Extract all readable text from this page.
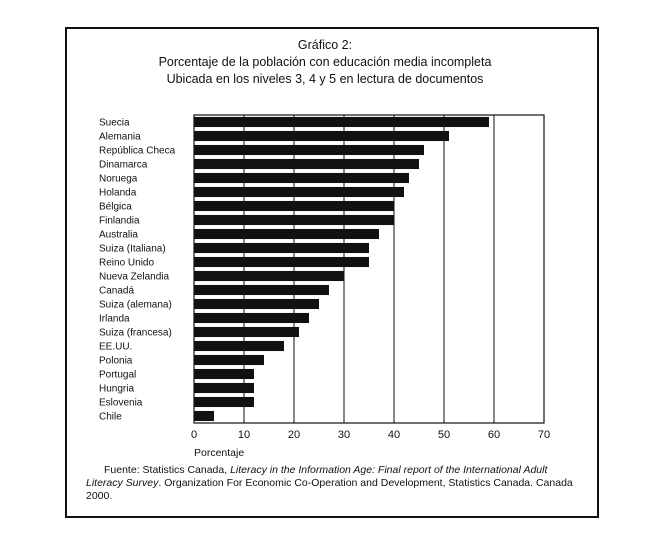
Gráfico 2:
Porcentaje de la población con educación media incompleta
Ubicada en los niveles 3, 4 y 5 en lectura de documentos
0	10	20	30	40	50	60	70
Porcentaje
Suecia
Alemania
República Checa
Dinamarca
Noruega
Holanda
Bélgica
Finlandia
Australia
Suiza (Italiana)
Reino Unido
Nueva Zelandia
Canadá
Suiza (alemana)
Irlanda
Suiza (francesa)
EE.UU.
Polonia
Portugal
Hungria
Eslovenia
Chile
Fuente: Statistics Canada, Literacy in the Information Age: Final report of the International Adult Literacy Survey. Organization For Economic Co-Operation and Development, Statistics Canada. Canada 2000.
